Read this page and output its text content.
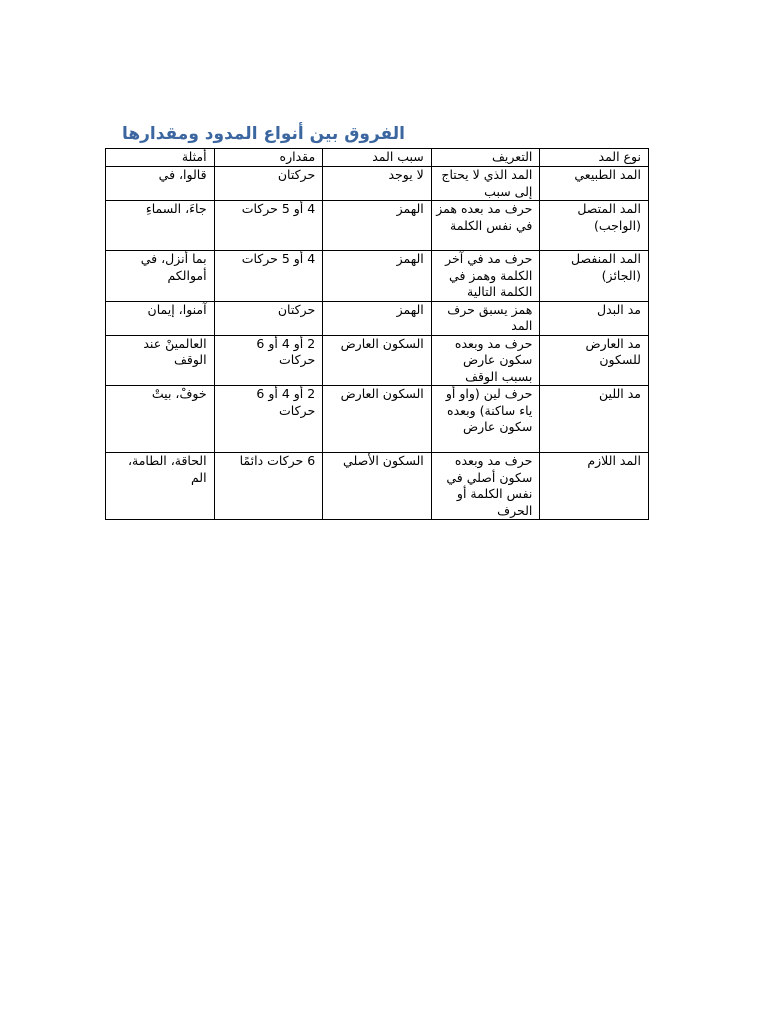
الفروق بين أنواع المدود ومقدارها
نوع المد	التعريف	سبب المد	مقداره	أمثلة
المد الطبيعي	المد الذي لا يحتاج إلى سبب	لا يوجد	حركتان	قالوا، في
المد المتصل (الواجب)	حرف مد بعده همز في نفس الكلمة	الهمز	4 أو 5 حركات	جاءَ، السماءِ
المد المنفصل (الجائز)	حرف مد في آخر الكلمة وهمز في الكلمة التالية	الهمز	4 أو 5 حركات	بما أنزل، في أموالكم
مد البدل	همز يسبق حرف المد	الهمز	حركتان	آمنوا، إيمان
مد العارض للسكون	حرف مد وبعده سكون عارض بسبب الوقف	السكون العارض	2 أو 4 أو 6 حركات	العالمينْ عند الوقف
مد اللين	حرف لين (واو أو ياء ساكنة) وبعده سكون عارض	السكون العارض	2 أو 4 أو 6 حركات	خوفْ، بيتْ
المد اللازم	حرف مد وبعده سكون أصلي في نفس الكلمة أو الحرف	السكون الأصلي	6 حركات دائمًا	الحاقة، الطامة، الم
